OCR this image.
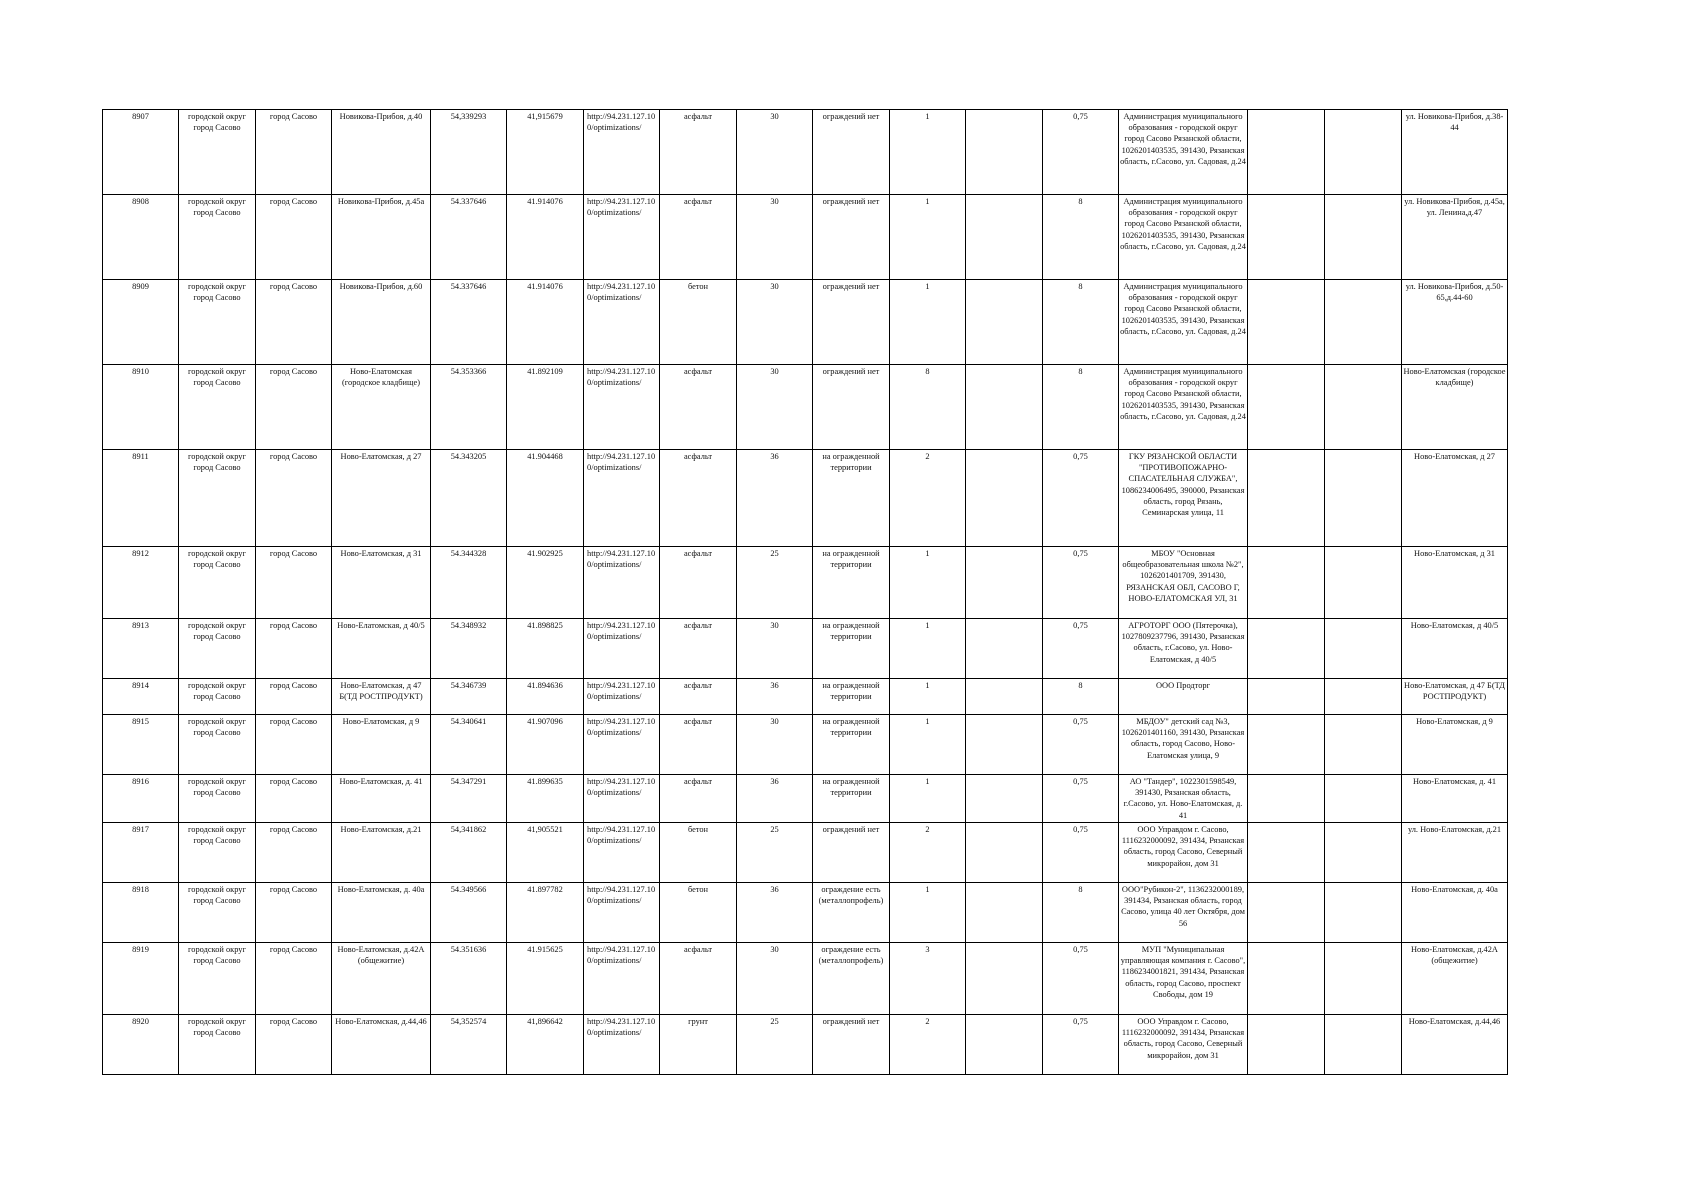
8907	городской округ город Сасово	город Сасово	Новикова-Прибоя, д.40	54,339293	41,915679	http://94.231.127.10 0/optimizations/	асфальт	30	ограждений нет	1		0,75	Администрация муниципального образования - городской округ город Сасово Рязанской области, 1026201403535, 391430, Рязанская область, г.Сасово, ул. Садовая, д.24			ул. Новикова-Прибоя, д.38-44
8908	городской округ город Сасово	город Сасово	Новикова-Прибоя, д.45а	54.337646	41.914076	http://94.231.127.10 0/optimizations/	асфальт	30	ограждений нет	1		8	Администрация муниципального образования - городской округ город Сасово Рязанской области, 1026201403535, 391430, Рязанская область, г.Сасово, ул. Садовая, д.24			ул. Новикова-Прибоя, д.45а, ул. Ленина,д.47
8909	городской округ город Сасово	город Сасово	Новикова-Прибоя, д.60	54.337646	41.914076	http://94.231.127.10 0/optimizations/	бетон	30	ограждений нет	1		8	Администрация муниципального образования - городской округ город Сасово Рязанской области, 1026201403535, 391430, Рязанская область, г.Сасово, ул. Садовая, д.24			ул. Новикова-Прибоя, д.50-65,д.44-60
8910	городской округ город Сасово	город Сасово	Ново-Елатомская (городское кладбище)	54.353366	41.892109	http://94.231.127.10 0/optimizations/	асфальт	30	ограждений нет	8		8	Администрация муниципального образования - городской округ город Сасово Рязанской области, 1026201403535, 391430, Рязанская область, г.Сасово, ул. Садовая, д.24			Ново-Елатомская (городское кладбище)
8911	городской округ город Сасово	город Сасово	Ново-Елатомская, д 27	54.343205	41.904468	http://94.231.127.10 0/optimizations/	асфальт	36	на огражденной территории	2		0,75	ГКУ РЯЗАНСКОЙ ОБЛАСТИ "ПРОТИВОПОЖАРНО-СПАСАТЕЛЬНАЯ СЛУЖБА", 1086234006495, 390000, Рязанская область, город Рязань, Семинарская улица, 11			Ново-Елатомская, д 27
8912	городской округ город Сасово	город Сасово	Ново-Елатомская, д 31	54.344328	41.902925	http://94.231.127.10 0/optimizations/	асфальт	25	на огражденной территории	1		0,75	МБОУ "Основная общеобразовательная школа №2", 1026201401709, 391430, РЯЗАНСКАЯ ОБЛ, САСОВО Г, НОВО-ЕЛАТОМСКАЯ УЛ, 31			Ново-Елатомская, д 31
8913	городской округ город Сасово	город Сасово	Ново-Елатомская, д 40/5	54.348932	41.898825	http://94.231.127.10 0/optimizations/	асфальт	30	на огражденной территории	1		0,75	АГРОТОРГ ООО (Пятерочка), 1027809237796, 391430, Рязанская область, г.Сасово, ул. Ново-Елатомская, д 40/5			Ново-Елатомская, д 40/5
8914	городской округ город Сасово	город Сасово	Ново-Елатомская, д 47 Б(ТД РОСТПРОДУКТ)	54.346739	41.894636	http://94.231.127.10 0/optimizations/	асфальт	36	на огражденной территории	1		8	ООО Продторг			Ново-Елатомская, д 47 Б(ТД РОСТПРОДУКТ)
8915	городской округ город Сасово	город Сасово	Ново-Елатомская, д 9	54.340641	41.907096	http://94.231.127.10 0/optimizations/	асфальт	30	на огражденной территории	1		0,75	МБДОУ" детский сад №3, 1026201401160, 391430, Рязанская область, город Сасово, Ново-Елатомская улица, 9			Ново-Елатомская, д 9
8916	городской округ город Сасово	город Сасово	Ново-Елатомская, д. 41	54.347291	41.899635	http://94.231.127.10 0/optimizations/	асфальт	36	на огражденной территории	1		0,75	АО "Тандер", 1022301598549, 391430, Рязанская область, г.Сасово, ул. Ново-Елатомская, д. 41			Ново-Елатомская, д. 41
8917	городской округ город Сасово	город Сасово	Ново-Елатомская, д.21	54,341862	41,905521	http://94.231.127.10 0/optimizations/	бетон	25	ограждений нет	2		0,75	ООО Управдом г. Сасово, 1116232000092, 391434, Рязанская область, город Сасово, Северный микрорайон, дом 31			ул. Ново-Елатомская, д.21
8918	городской округ город Сасово	город Сасово	Ново-Елатомская, д. 40а	54.349566	41.897782	http://94.231.127.10 0/optimizations/	бетон	36	ограждение есть (металлопрофель)	1		8	ООО"Рубикон-2", 1136232000189, 391434, Рязанская область, город Сасово, улица 40 лет Октября, дом 56			Ново-Елатомская, д. 40а
8919	городской округ город Сасово	город Сасово	Ново-Елатомская, д.42А (общежитие)	54.351636	41.915625	http://94.231.127.10 0/optimizations/	асфальт	30	ограждение есть (металлопрофель)	3		0,75	МУП "Муниципальная управляющая компания г. Сасово", 1186234001821, 391434, Рязанская область, город Сасово, проспект Свободы, дом 19			Ново-Елатомская, д.42А (общежитие)
8920	городской округ город Сасово	город Сасово	Ново-Елатомская, д.44,46	54,352574	41,896642	http://94.231.127.10 0/optimizations/	грунт	25	ограждений нет	2		0,75	ООО Управдом г. Сасово, 1116232000092, 391434, Рязанская область, город Сасово, Северный микрорайон, дом 31			Ново-Елатомская, д.44,46
